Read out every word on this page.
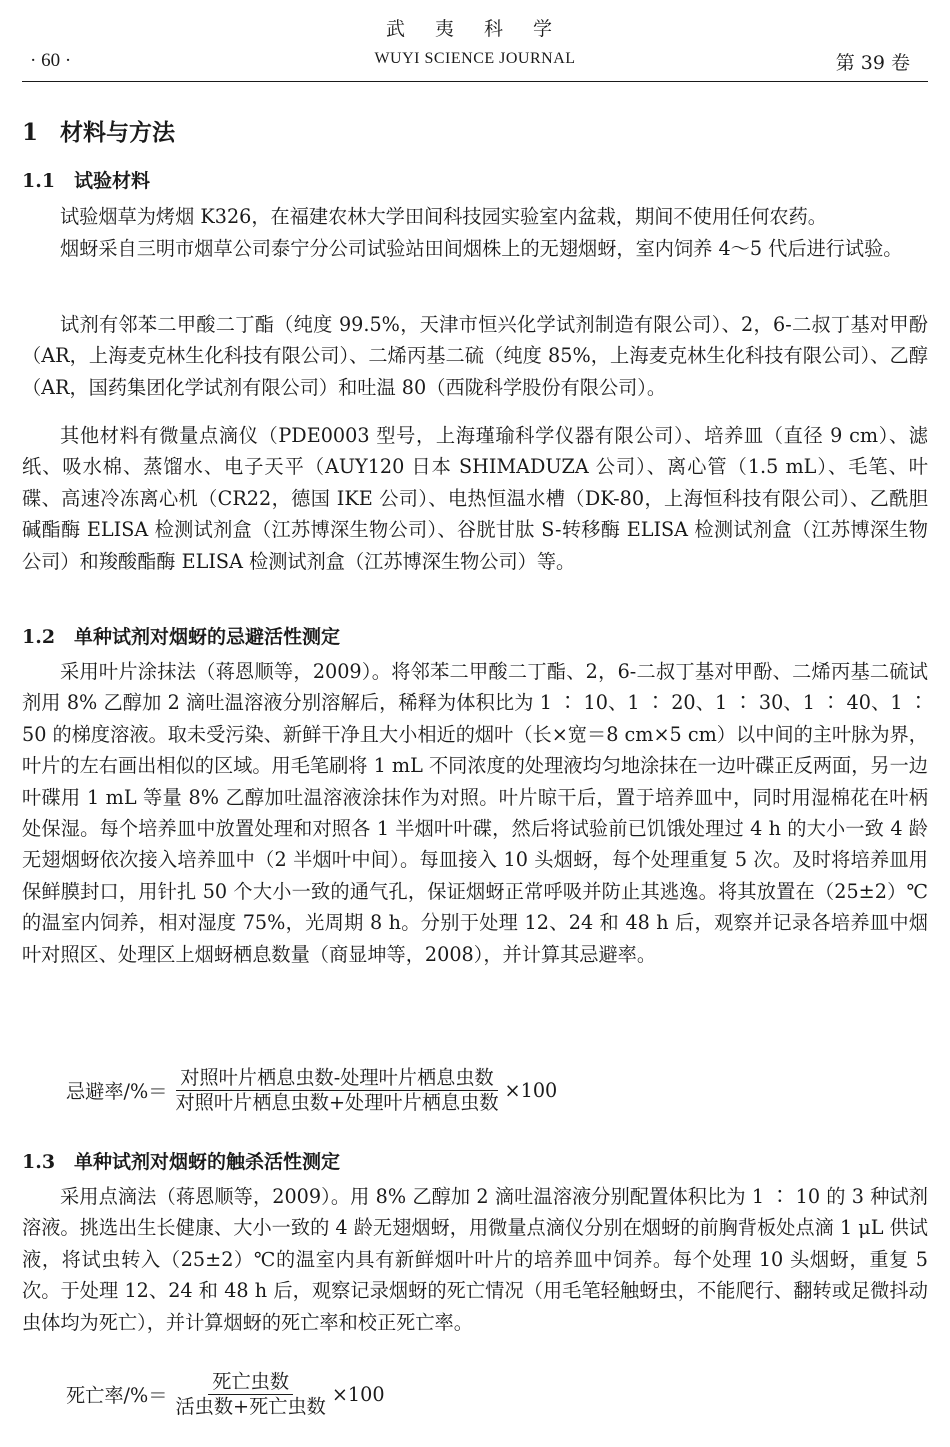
武 夷 科 学
WUYI SCIENCE JOURNAL
· 60 ·	第 39 卷
1 材料与方法
1.1 试验材料
试验烟草为烤烟 K326，在福建农林大学田间科技园实验室内盆栽，期间不使用任何农药。
烟蚜采自三明市烟草公司泰宁分公司试验站田间烟株上的无翅烟蚜，室内饲养 4～5 代后进行试验。
试剂有邻苯二甲酸二丁酯（纯度 99.5%，天津市恒兴化学试剂制造有限公司）、2，6-二叔丁基对甲酚（AR，上海麦克林生化科技有限公司）、二烯丙基二硫（纯度 85%，上海麦克林生化科技有限公司）、乙醇（AR，国药集团化学试剂有限公司）和吐温 80（西陇科学股份有限公司）。
其他材料有微量点滴仪（PDE0003 型号，上海瑾瑜科学仪器有限公司）、培养皿（直径 9 cm）、滤纸、吸水棉、蒸馏水、电子天平（AUY120 日本 SHIMADUZA 公司）、离心管（1.5 mL）、毛笔、叶碟、高速冷冻离心机（CR22，德国 IKE 公司）、电热恒温水槽（DK-80，上海恒科技有限公司）、乙酰胆碱酯酶 ELISA 检测试剂盒（江苏博深生物公司）、谷胱甘肽 S-转移酶 ELISA 检测试剂盒（江苏博深生物公司）和羧酸酯酶 ELISA 检测试剂盒（江苏博深生物公司）等。
1.2 单种试剂对烟蚜的忌避活性测定
采用叶片涂抹法（蒋恩顺等，2009）。将邻苯二甲酸二丁酯、2，6-二叔丁基对甲酚、二烯丙基二硫试剂用 8% 乙醇加 2 滴吐温溶液分别溶解后，稀释为体积比为 1 ∶ 10、1 ∶ 20、1 ∶ 30、1 ∶ 40、1 ∶ 50 的梯度溶液。取未受污染、新鲜干净且大小相近的烟叶（长×宽＝8 cm×5 cm）以中间的主叶脉为界，叶片的左右画出相似的区域。用毛笔刷将 1 mL 不同浓度的处理液均匀地涂抹在一边叶碟正反两面，另一边叶碟用 1 mL 等量 8% 乙醇加吐温溶液涂抹作为对照。叶片晾干后，置于培养皿中，同时用湿棉花在叶柄处保湿。每个培养皿中放置处理和对照各 1 半烟叶叶碟，然后将试验前已饥饿处理过 4 h 的大小一致 4 龄无翅烟蚜依次接入培养皿中（2 半烟叶中间）。每皿接入 10 头烟蚜，每个处理重复 5 次。及时将培养皿用保鲜膜封口，用针扎 50 个大小一致的通气孔，保证烟蚜正常呼吸并防止其逃逸。将其放置在（25±2）℃的温室内饲养，相对湿度 75%，光周期 8 h。分别于处理 12、24 和 48 h 后，观察并记录各培养皿中烟叶对照区、处理区上烟蚜栖息数量（商显坤等，2008），并计算其忌避率。
忌避率/%＝ $\frac{\text{对照叶片栖息虫数-处理叶片栖息虫数}}{\text{对照叶片栖息虫数+处理叶片栖息虫数}} \times 100$
1.3 单种试剂对烟蚜的触杀活性测定
采用点滴法（蒋恩顺等，2009）。用 8% 乙醇加 2 滴吐温溶液分别配置体积比为 1 ∶ 10 的 3 种试剂溶液。挑选出生长健康、大小一致的 4 龄无翅烟蚜，用微量点滴仪分别在烟蚜的前胸背板处点滴 1 μL 供试液，将试虫转入（25±2）℃的温室内具有新鲜烟叶叶片的培养皿中饲养。每个处理 10 头烟蚜，重复 5 次。于处理 12、24 和 48 h 后，观察记录烟蚜的死亡情况（用毛笔轻触蚜虫，不能爬行、翻转或足微抖动虫体均为死亡），并计算烟蚜的死亡率和校正死亡率。
死亡率/%＝ $\frac{\text{死亡虫数}}{\text{活虫数+死亡虫数}} \times 100$
